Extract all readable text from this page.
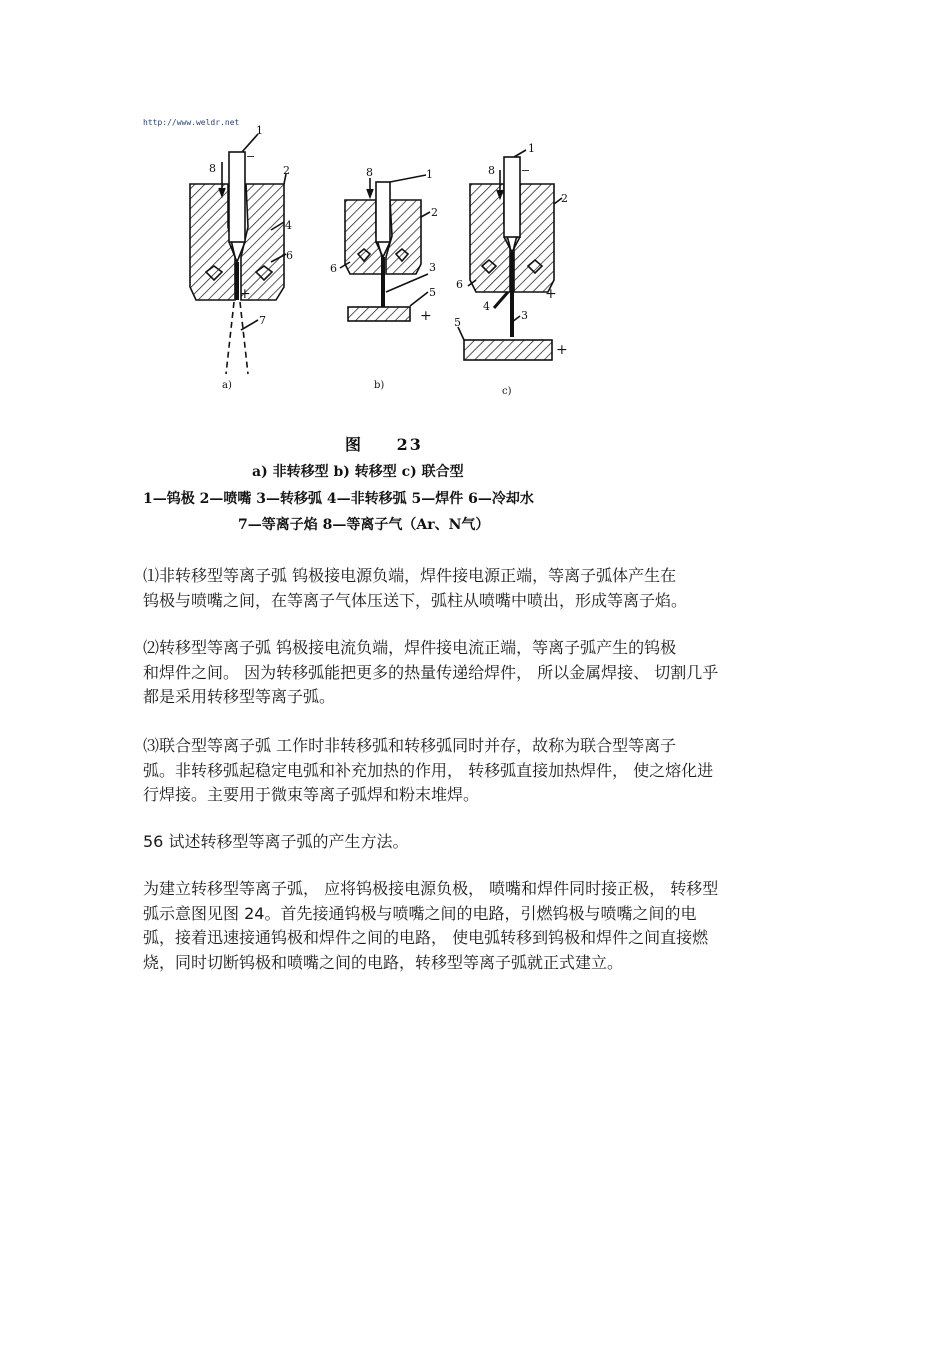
http://www.weldr.net
1
−
2
4
6
+
7
8	8	1
2
6	3
5
+
1
−
8
2
6
4
+
3
5
+
a)	b)
c)
图 23
a) 非转移型 b) 转移型 c) 联合型
1—钨极 2—喷嘴 3—转移弧 4—非转移弧 5—焊件 6—冷却水
7—等离子焰 8—等离子气（Ar、N气）
⑴非转移型等离子弧 钨极接电源负端，焊件接电源正端，等离子弧体产生在
钨极与喷嘴之间，在等离子气体压送下，弧柱从喷嘴中喷出，形成等离子焰。
⑵转移型等离子弧 钨极接电流负端，焊件接电流正端，等离子弧产生的钨极
和焊件之间。 因为转移弧能把更多的热量传递给焊件， 所以金属焊接、 切割几乎
都是采用转移型等离子弧。
⑶联合型等离子弧 工作时非转移弧和转移弧同时并存，故称为联合型等离子
弧。非转移弧起稳定电弧和补充加热的作用， 转移弧直接加热焊件， 使之熔化进
行焊接。主要用于微束等离子弧焊和粉末堆焊。
56 试述转移型等离子弧的产生方法。
为建立转移型等离子弧， 应将钨极接电源负极， 喷嘴和焊件同时接正极， 转移型
弧示意图见图 24。首先接通钨极与喷嘴之间的电路，引燃钨极与喷嘴之间的电
弧，接着迅速接通钨极和焊件之间的电路， 使电弧转移到钨极和焊件之间直接燃
烧，同时切断钨极和喷嘴之间的电路，转移型等离子弧就正式建立。
